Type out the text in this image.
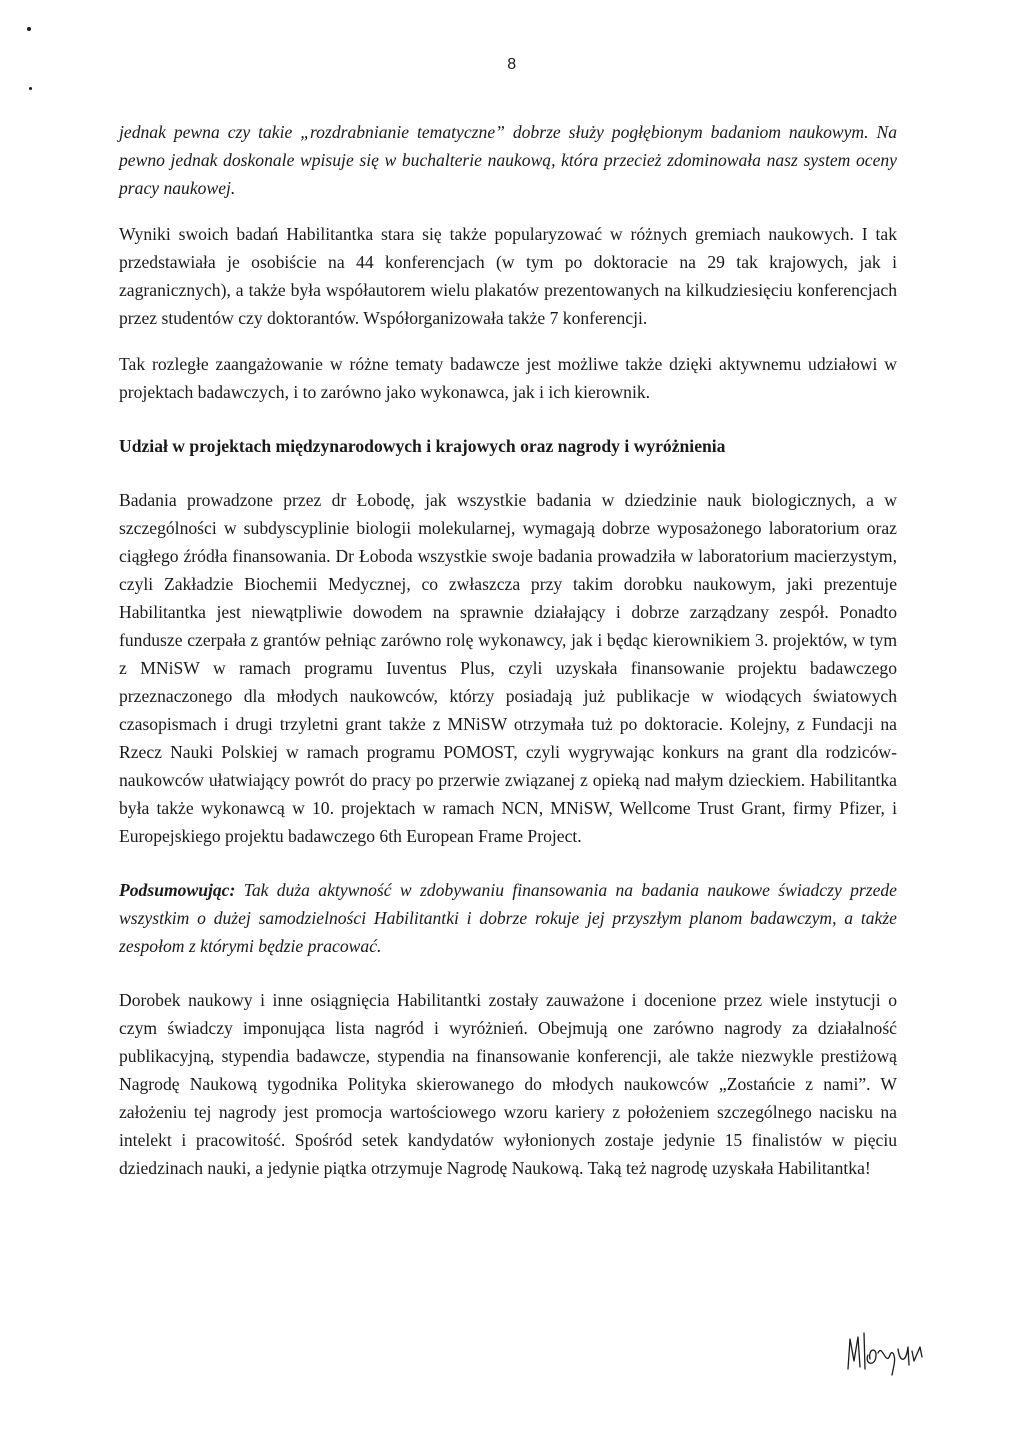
8

jednak pewna czy takie „rozdrabnianie tematyczne” dobrze służy pogłębionym badaniom naukowym. Na pewno jednak doskonale wpisuje się w buchalterie naukową, która przecież zdominowała nasz system oceny pracy naukowej.

Wyniki swoich badań Habilitantka stara się także popularyzować w różnych gremiach naukowych. I tak przedstawiała je osobiście na 44 konferencjach (w tym po doktoracie na 29 tak krajowych, jak i zagranicznych), a także była współautorem wielu plakatów prezentowanych na kilkudziesięciu konferencjach przez studentów czy doktorantów. Współorganizowała także 7 konferencji.

Tak rozległe zaangażowanie w różne tematy badawcze jest możliwe także dzięki aktywnemu udziałowi w projektach badawczych, i to zarówno jako wykonawca, jak i ich kierownik.

Udział w projektach międzynarodowych i krajowych oraz nagrody i wyróżnienia

Badania prowadzone przez dr Łobodę, jak wszystkie badania w dziedzinie nauk biologicznych, a w szczególności w subdyscyplinie biologii molekularnej, wymagają dobrze wyposażonego laboratorium oraz ciągłego źródła finansowania. Dr Łoboda wszystkie swoje badania prowadziła w laboratorium macierzystym, czyli Zakładzie Biochemii Medycznej, co zwłaszcza przy takim dorobku naukowym, jaki prezentuje Habilitantka jest niewątpliwie dowodem na sprawnie działający i dobrze zarządzany zespół. Ponadto fundusze czerpała z grantów pełniąc zarówno rolę wykonawcy, jak i będąc kierownikiem 3. projektów, w tym z MNiSW w ramach programu Iuventus Plus, czyli uzyskała finansowanie projektu badawczego przeznaczonego dla młodych naukowców, którzy posiadają już publikacje w wiodących światowych czasopismach i drugi trzyletni grant także z MNiSW otrzymała tuż po doktoracie. Kolejny, z Fundacji na Rzecz Nauki Polskiej w ramach programu POMOST, czyli wygrywając konkurs na grant dla rodziców-naukowców ułatwiający powrót do pracy po przerwie związanej z opieką nad małym dzieckiem. Habilitantka była także wykonawcą w 10. projektach w ramach NCN, MNiSW, Wellcome Trust Grant, firmy Pfizer, i Europejskiego projektu badawczego 6th European Frame Project.

Podsumowując: Tak duża aktywność w zdobywaniu finansowania na badania naukowe świadczy przede wszystkim o dużej samodzielności Habilitantki i dobrze rokuje jej przyszłym planom badawczym, a także zespołom z którymi będzie pracować.

Dorobek naukowy i inne osiągnięcia Habilitantki zostały zauważone i docenione przez wiele instytucji o czym świadczy imponująca lista nagród i wyróżnień. Obejmują one zarówno nagrody za działalność publikacyjną, stypendia badawcze, stypendia na finansowanie konferencji, ale także niezwykle prestiżową Nagrodę Naukową tygodnika Polityka skierowanego do młodych naukowców „Zostańcie z nami”. W założeniu tej nagrody jest promocja wartościowego wzoru kariery z położeniem szczególnego nacisku na intelekt i pracowitość. Spośród setek kandydatów wyłonionych zostaje jedynie 15 finalistów w pięciu dziedzinach nauki, a jedynie piątka otrzymuje Nagrodę Naukową. Taką też nagrodę uzyskała Habilitantka!
